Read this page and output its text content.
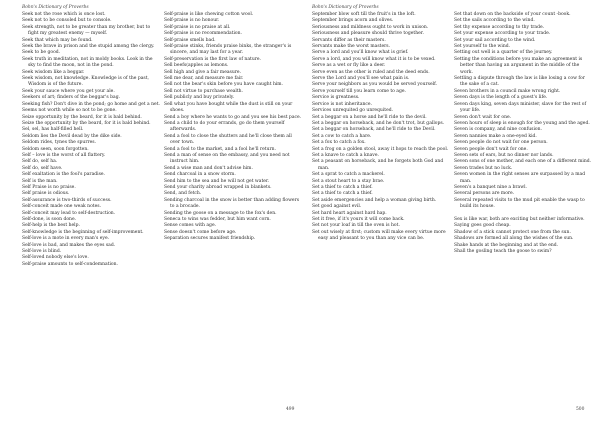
Bohn's Dictionary of Proverbs
Seek not the rose which is once lost.
Seek not to be consoled but to console.
Seek strength, not to be greater than my brother, but to fight my greatest enemy — myself.
Seek that which may be found.
Seek the brave in prison and the stupid among the clergy.
Seek to be good.
Seek truth in meditation, not in moldy books. Look in the sky to find the moon, not in the pond.
Seek wisdom like a beggar.
Seek wisdom, not knowledge. Knowledge is of the past, Wisdom is of the future.
Seek your sauce where you get your ale.
Seekers of art; finders of the beggar's bag.
Seeking fish? Don't dive in the pond; go home and get a net.
Seems not worth while so not to be gone.
Seize opportunity by the beard, for it is bald behind.
Seize the opportunity by the beard, for it is bald behind.
Sel, sel, has half-filled hell.
Seldom lies the Devil dead by the dike side.
Seldom rides, tynes the spurres.
Seldom seen, soon forgotten.
Self – love is the worst of all flattery.
Self do, self ha.
Self do, self have.
Self exaltation is the fool's paradise.
Self is the man.
Self Praise is no praise.
Self praise is odious.
Self-assurance is two-thirds of success.
Self-conceit made one weak notes.
Self-conceit may lead to self-destruction.
Self-done, is soon done.
Self-help is the best help.
Self-knowledge is the beginning of self-improvement.
Self-love is a mote in every man's eye.
Self-love is bad, and makes the eyes sad.
Self-love is blind.
Self-loved nobody else's love.
Self-praise amounts to self-condemnation.
Self-praise is like chewing cotton wool.
Self-praise is no honour.
Self-praise is no praise at all.
Self-praise is no recommendation.
Self-praise smells bad.
Self-praise stinks, friends praise binks, the stranger's is sincere, and may last for a year.
Self-preservation is the first law of nature.
Sell beefs(apples as lemons.
Sell high and give a fair measure.
Sell me dear, and measure me fair.
Sell not the bear's skin before you have caught him.
Sell not virtue to purchase wealth.
Sell publicly and buy privately.
Sell what you have bought while the dust is still on your shoes.
Send a boy where he wants to go and you see his best pace.
Send a child to do your errands, go do them yourself afterwards.
Send a fool to close the shutters and he'll close them all over town.
Send a fool to the market, and a fool he'll return.
Send a man of sense on the embassy, and you need not instruct him.
Send a wise man and don't advise him.
Send charcoal in a snow storm.
Send him to the sea and he will not get water.
Send your charity abroad wrapped in blankets.
Send, and fetch.
Sending charcoal in the snow is better than adding flowers to a brocade.
Sending the goose on a message to the fox's den.
Seneca to wins was fedder, but him want corn.
Sense comes with age.
Sense doesn't come before age.
Separation secures manifest friendship.
499
Bohn's Dictionary of Proverbs
September blow soft till the fruit's in the loft.
September brings acorn and olives.
Seriousness and mildness ought to work in unison.
Seriousness and pleasure should thrive together.
Servants differ as their masters.
Servants make the worst masters.
Serve a lord and you'll know what is grief.
Serve a lord, and you will know what it is to be vexed.
Serve as a wet or fly like a deer.
Serve even as the other is ruled and the deed ends.
Serve the Lord and you'll see what pain is.
Serve your neighbors as you would be served yourself.
Serve yourself till you learn come to age.
Service is greatness.
Service is not inheritance.
Services unrequited go unrequited.
Set a beggar on a horse and he'll ride to the devil.
Set a beggar on horseback, and he don't trot, but gallops.
Set a beggar on horseback, and he'll ride to the Devil.
Set a cow to catch a hare.
Set a fox to catch a fox.
Set a frog on a golden stool, away it hops to reach the pool.
Set a knave to catch a knave.
Set a peasant on horseback, and he forgets both God and man.
Set a sprat to catch a mackerel.
Set a stout heart to a stay brae.
Set a thief to catch a thief.
Set a thief to catch a thief.
Set aside emergencies and help a woman giving birth.
Set good against evil.
Set hard heart against hard hap.
Set it free, if it's yours it will come back.
Set not your loaf in till the oven is hot.
Set out wisely at first; custom will make every virtue more easy and pleasant to you than any vice can be.
Set that down on the backside of your count -book.
Set the sails according to the wind.
Set thy expense according to thy trade.
Set your expense according to your trade.
Set your sail according to the wind.
Set yourself to the wind.
Setting out well is a quarter of the journey.
Setting the conditions before you make an agreement is better than having an argument in the middle of the work.
Settling a dispute through the law is like losing a cow for the sake of a cat.
Seven brothers in a council make wrong right.
Seven days is the length of a guest's life.
Seven days king, seven days minister, slave for the rest of your life.
Seven don't wait for one.
Seven hours of sleep is enough for the young and the aged.
Seven is company, and nine confusion.
Seven nannies make a one-eyed kid.
Seven people do not wait for one person.
Seven people don't wait for one.
Seven sets of ears, but no dinner nor lands.
Seven sons of one mother, and each one of a different mind.
Seven trades but no luck.
Seven women in the right senses are surpassed by a mad man.
Seven's a banquet nine a brawl.
Several persons are more.
Several repeated visits to the mud pit enable the wasp to build its house.
Sex is like war, both are exciting but neither informative.
Saying goes good cheap.
Shadow of a stick cannot protect one from the sun.
Shadows are formed all along the wishes of the sun.
Shake hands at the beginning and at the end.
Shall the gosling teach the goose to swim?
500
